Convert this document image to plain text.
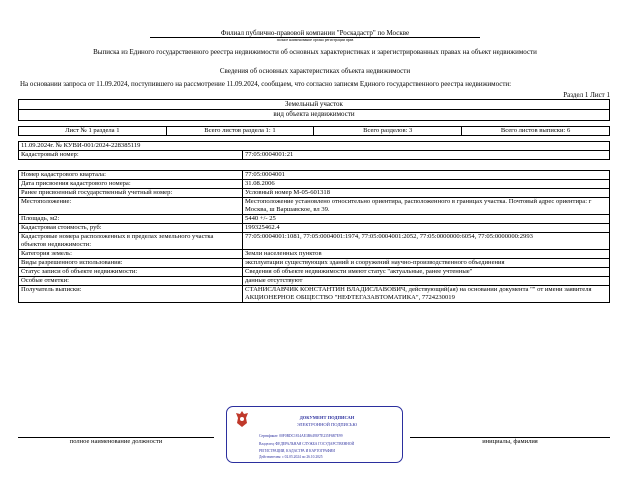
Филиал публично-правовой компании "Роскадастр" по Москве
полное наименование органа регистрации прав
Выписка из Единого государственного реестра недвижимости об основных характеристиках и зарегистрированных правах на объект недвижимости
Сведения об основных характеристиках объекта недвижимости
На основании запроса от 11.09.2024, поступившего на рассмотрение 11.09.2024, сообщаем, что согласно записям Единого государственного реестра недвижимости:
Раздел 1 Лист 1
Земельный участок
вид объекта недвижимости
Лист № 1 раздела 1	Всего листов раздела 1: 1	Всего разделов: 3	Всего листов выписки: 6
11.09.2024г. № КУВИ-001/2024-228385119
Кадастровый номер:	77:05:0004001:21
Номер кадастрового квартала:	77:05:0004001
Дата присвоения кадастрового номера:	31.08.2006
Ранее присвоенный государственный учетный номер:	Условный номер М-05-601318
Местоположение:	Местоположение установлено относительно ориентира, расположенного в границах участка. Почтовый адрес ориентира: г Москва, ш Варшавское, вл 39.
Площадь, м2:	5440 +/- 25
Кадастровая стоимость, руб:	199325462.4
Кадастровые номера расположенных в пределах земельного участка объектов недвижимости:	77:05:0004001:1081, 77:05:0004001:1974, 77:05:0004001:2052, 77:05:0000000:6054, 77:05:0000000:2993
Категория земель:	Земли населенных пунктов
Виды разрешенного использования:	эксплуатации существующих зданий и сооружений научно-производственного объединения
Статус записи об объекте недвижимости:	Сведения об объекте недвижимости имеют статус "актуальные, ранее учтенные"
Особые отметки:	данные отсутствуют
Получатель выписки:	СТАНИСЛАВЧИК КОНСТАНТИН ВЛАДИСЛАВОВИЧ, действующий(ая) на основании документа "" от имени заявителя АКЦИОНЕРНОЕ ОБЩЕСТВО "НЕФТЕГАЗАВТОМАТИКА", 7724230019
полное наименование должности	инициалы, фамилия
ДОКУМЕНТ ПОДПИСАН
ЭЛЕКТРОННОЙ ПОДПИСЬЮ
Сертификат: 00F0BDC1814AE3B6493F7E235F6B7E99
Владелец: ФЕДЕРАЛЬНАЯ СЛУЖБА ГОСУДАРСТВЕННОЙ
РЕГИСТРАЦИИ, КАДАСТРА И КАРТОГРАФИИ
Действителен: с 02.05.2024 по 26.10.2025
